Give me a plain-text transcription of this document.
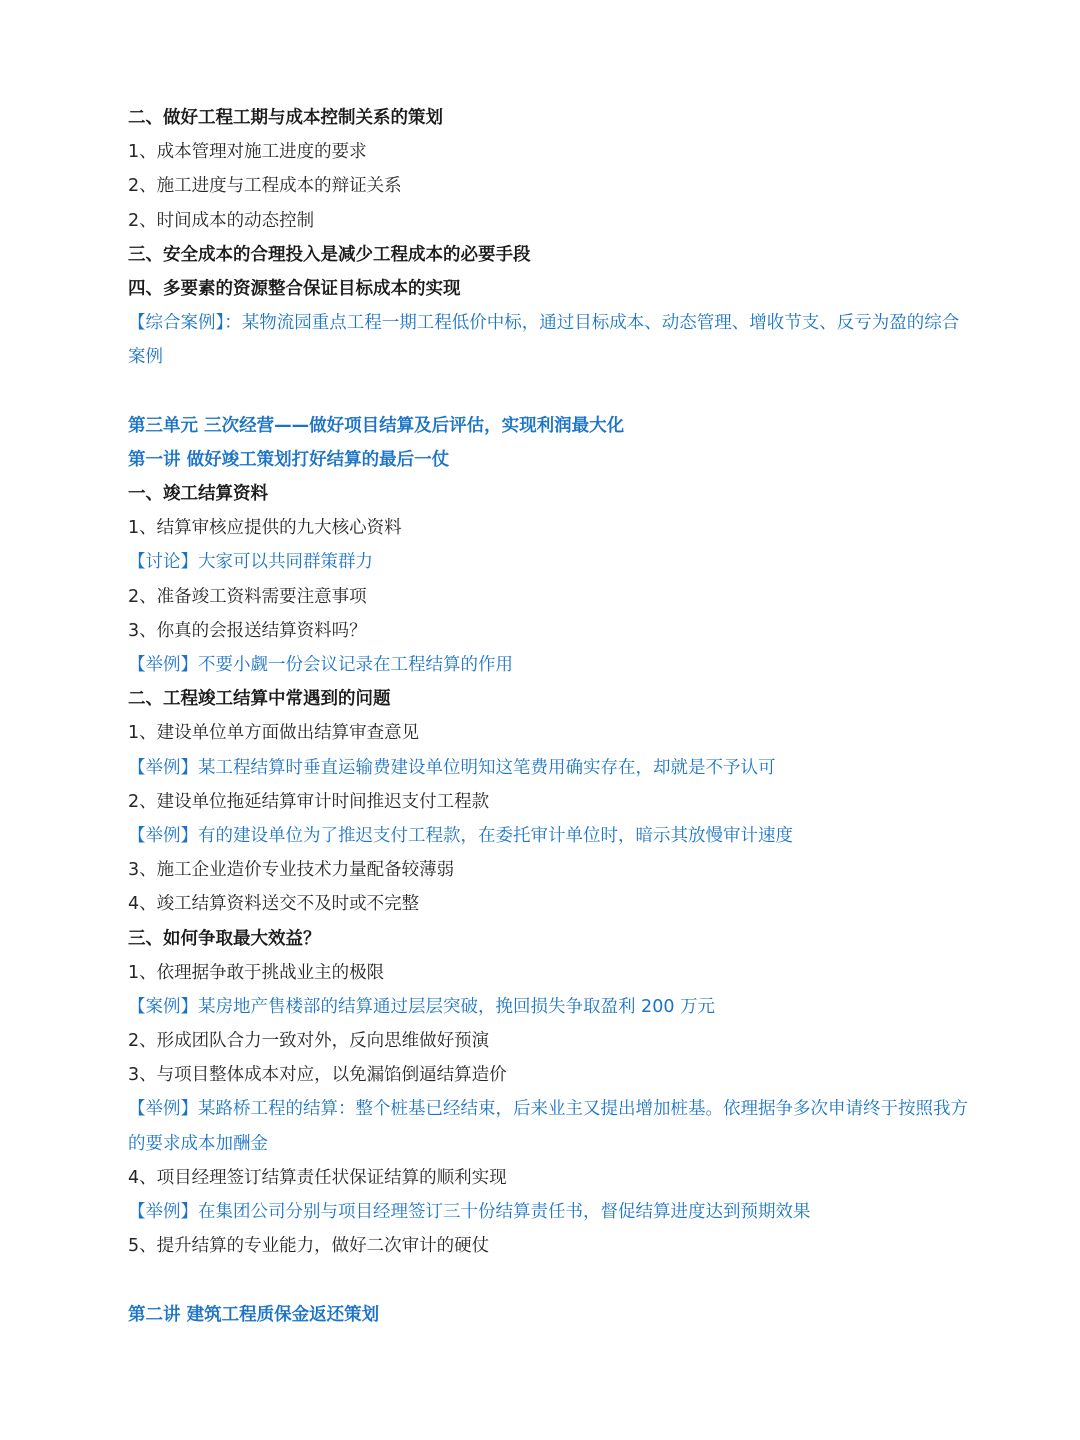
二、做好工程工期与成本控制关系的策划
1、成本管理对施工进度的要求
2、施工进度与工程成本的辩证关系
2、时间成本的动态控制
三、安全成本的合理投入是减少工程成本的必要手段
四、多要素的资源整合保证目标成本的实现
【综合案例】：某物流园重点工程一期工程低价中标，通过目标成本、动态管理、增收节支、反亏为盈的综合案例
第三单元 三次经营——做好项目结算及后评估，实现利润最大化
第一讲 做好竣工策划打好结算的最后一仗
一、竣工结算资料
1、结算审核应提供的九大核心资料
【讨论】大家可以共同群策群力
2、准备竣工资料需要注意事项
3、你真的会报送结算资料吗？
【举例】不要小觑一份会议记录在工程结算的作用
二、工程竣工结算中常遇到的问题
1、建设单位单方面做出结算审查意见
【举例】某工程结算时垂直运输费建设单位明知这笔费用确实存在，却就是不予认可
2、建设单位拖延结算审计时间推迟支付工程款
【举例】有的建设单位为了推迟支付工程款，在委托审计单位时，暗示其放慢审计速度
3、施工企业造价专业技术力量配备较薄弱
4、竣工结算资料送交不及时或不完整
三、如何争取最大效益？
1、依理据争敢于挑战业主的极限
【案例】某房地产售楼部的结算通过层层突破，挽回损失争取盈利 200 万元
2、形成团队合力一致对外，反向思维做好预演
3、与项目整体成本对应，以免漏馅倒逼结算造价
【举例】某路桥工程的结算：整个桩基已经结束，后来业主又提出增加桩基。依理据争多次申请终于按照我方的要求成本加酬金
4、项目经理签订结算责任状保证结算的顺利实现
【举例】在集团公司分别与项目经理签订三十份结算责任书，督促结算进度达到预期效果
5、提升结算的专业能力，做好二次审计的硬仗
第二讲 建筑工程质保金返还策划
